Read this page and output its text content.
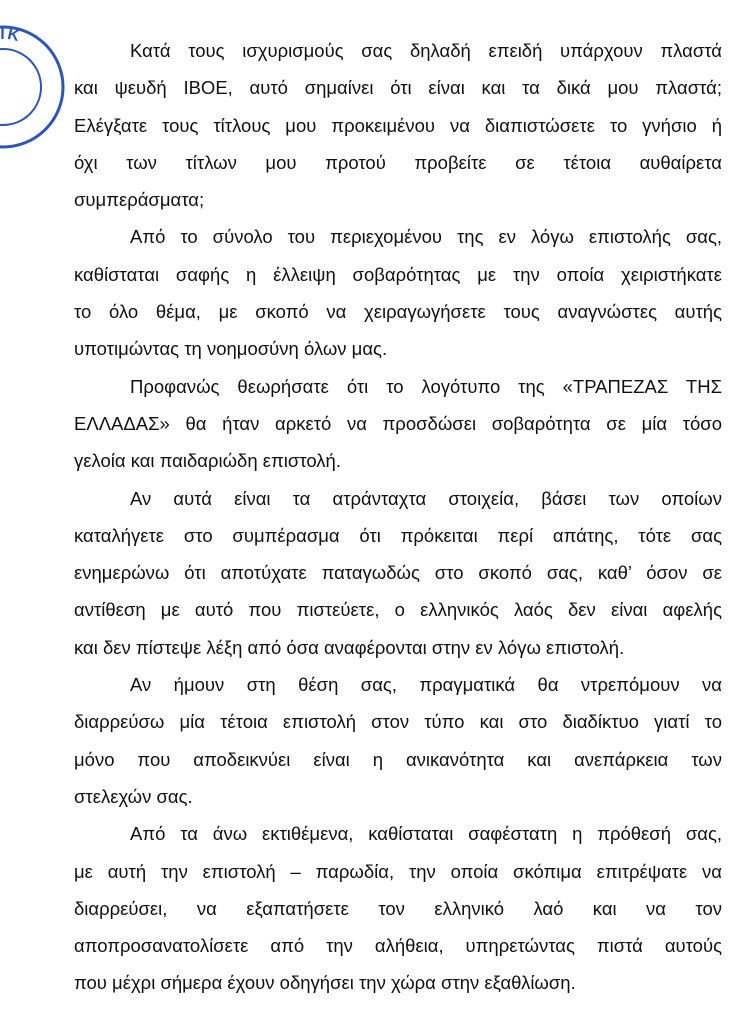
ΕΛΛΗΝΙΚ
Κατά τους ισχυρισμούς σας δηλαδή επειδή υπάρχουν πλαστά
και ψευδή ΙΒΟΕ, αυτό σημαίνει ότι είναι και τα δικά μου πλαστά;
Ελέγξατε τους τίτλους μου προκειμένου να διαπιστώσετε το γνήσιο ή
όχι των τίτλων μου προτού προβείτε σε τέτοια αυθαίρετα
συμπεράσματα;
Από το σύνολο του περιεχομένου της εν λόγω επιστολής σας,
καθίσταται σαφής η έλλειψη σοβαρότητας με την οποία χειριστήκατε
το όλο θέμα, με σκοπό να χειραγωγήσετε τους αναγνώστες αυτής
υποτιμώντας τη νοημοσύνη όλων μας.
Προφανώς θεωρήσατε ότι το λογότυπο της «ΤΡΑΠΕΖΑΣ ΤΗΣ
ΕΛΛΑΔΑΣ» θα ήταν αρκετό να προσδώσει σοβαρότητα σε μία τόσο
γελοία και παιδαριώδη επιστολή.
Αν αυτά είναι τα ατράνταχτα στοιχεία, βάσει των οποίων
καταλήγετε στο συμπέρασμα ότι πρόκειται περί απάτης, τότε σας
ενημερώνω ότι αποτύχατε παταγωδώς στο σκοπό σας, καθ’ όσον σε
αντίθεση με αυτό που πιστεύετε, ο ελληνικός λαός δεν είναι αφελής
και δεν πίστεψε λέξη από όσα αναφέρονται στην εν λόγω επιστολή.
Αν ήμουν στη θέση σας, πραγματικά θα ντρεπόμουν να
διαρρεύσω μία τέτοια επιστολή στον τύπο και στο διαδίκτυο γιατί το
μόνο που αποδεικνύει είναι η ανικανότητα και ανεπάρκεια των
στελεχών σας.
Από τα άνω εκτιθέμενα, καθίσταται σαφέστατη η πρόθεσή σας,
με αυτή την επιστολή – παρωδία, την οποία σκόπιμα επιτρέψατε να
διαρρεύσει, να εξαπατήσετε τον ελληνικό λαό και να τον
αποπροσανατολίσετε από την αλήθεια, υπηρετώντας πιστά αυτούς
που μέχρι σήμερα έχουν οδηγήσει την χώρα στην εξαθλίωση.
